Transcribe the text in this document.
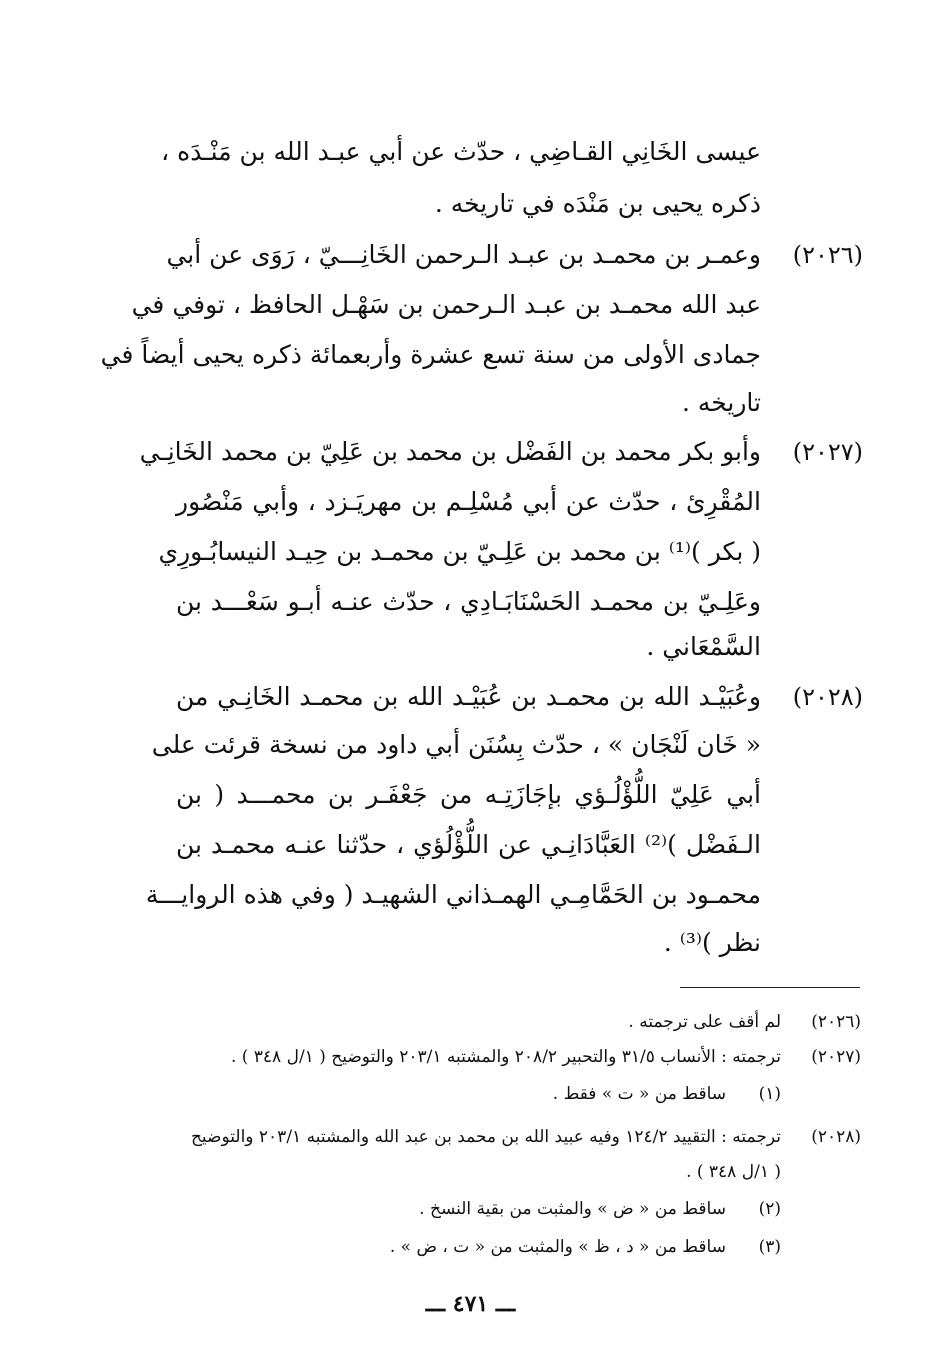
عيسى الخَانِي القـاضِي ، حدّث عن أبي عبـد الله بن مَنْـدَه ،
ذكره يحيى بن مَنْدَه في تاريخه .
(٢٠٢٦)
وعمـر بن محمـد بن عبـد الـرحمن الخَانِـــيّ ، رَوَى عن أبي
عبد الله محمـد بن عبـد الـرحمن بن سَهْـل الحافظ ، توفي في
جمادى الأولى من سنة تسع عشرة وأربعمائة ذكره يحيى أيضاً في
تاريخه .
(٢٠٢٧)
وأبو بكر محمد بن الفَضْل بن محمد بن عَلِيّ بن محمد الخَانِـي
المُقْرِئ ، حدّث عن أبي مُسْلِـم بن مهريَـزد ، وأبي مَنْصُور
( بكر )⁽¹⁾ بن محمد بن عَلِـيّ بن محمـد بن حِيـد النيسابُـورِي
وعَلِـيّ بن محمـد الحَسْنَابَـادِي ، حدّث عنـه أبـو سَعْـــد بن
السَّمْعَاني .
(٢٠٢٨)
وعُبَيْـد الله بن محمـد بن عُبَيْـد الله بن محمـد الخَانِـي من
« خَان لَنْجَان » ، حدّث بِسُنَن أبي داود من نسخة قرئت على
أبي عَلِيّ اللُّؤْلُـؤي بإجَازَتِـه من جَعْفَـر بن محمـــد ( بن
الـفَضْل )⁽²⁾ العَبَّادَانِـي عن اللُّؤْلُؤي ، حدّثنا عنـه محمـد بن
محمـود بن الحَمَّامِـي الهمـذاني الشهيـد ( وفي هذه الروايـــة
نظر )⁽³⁾ .
(٢٠٢٦)
لم أقف على ترجمته .
(٢٠٢٧)
ترجمته : الأنساب ٣١/٥ والتحبير ٢٠٨/٢ والمشتبه ٢٠٣/١ والتوضيح ( ١/ل ٣٤٨ ) .
(١)
ساقط من « ت » فقط .
(٢٠٢٨)
ترجمته : التقييد ١٢٤/٢ وفيه عبيد الله بن محمد بن عبد الله والمشتبه ٢٠٣/١ والتوضيح
( ١/ل ٣٤٨ ) .
(٢)
ساقط من « ض » والمثبت من بقية النسخ .
(٣)
ساقط من « د ، ظ » والمثبت من « ت ، ض » .
ـــ ٤٧١ ـــ
